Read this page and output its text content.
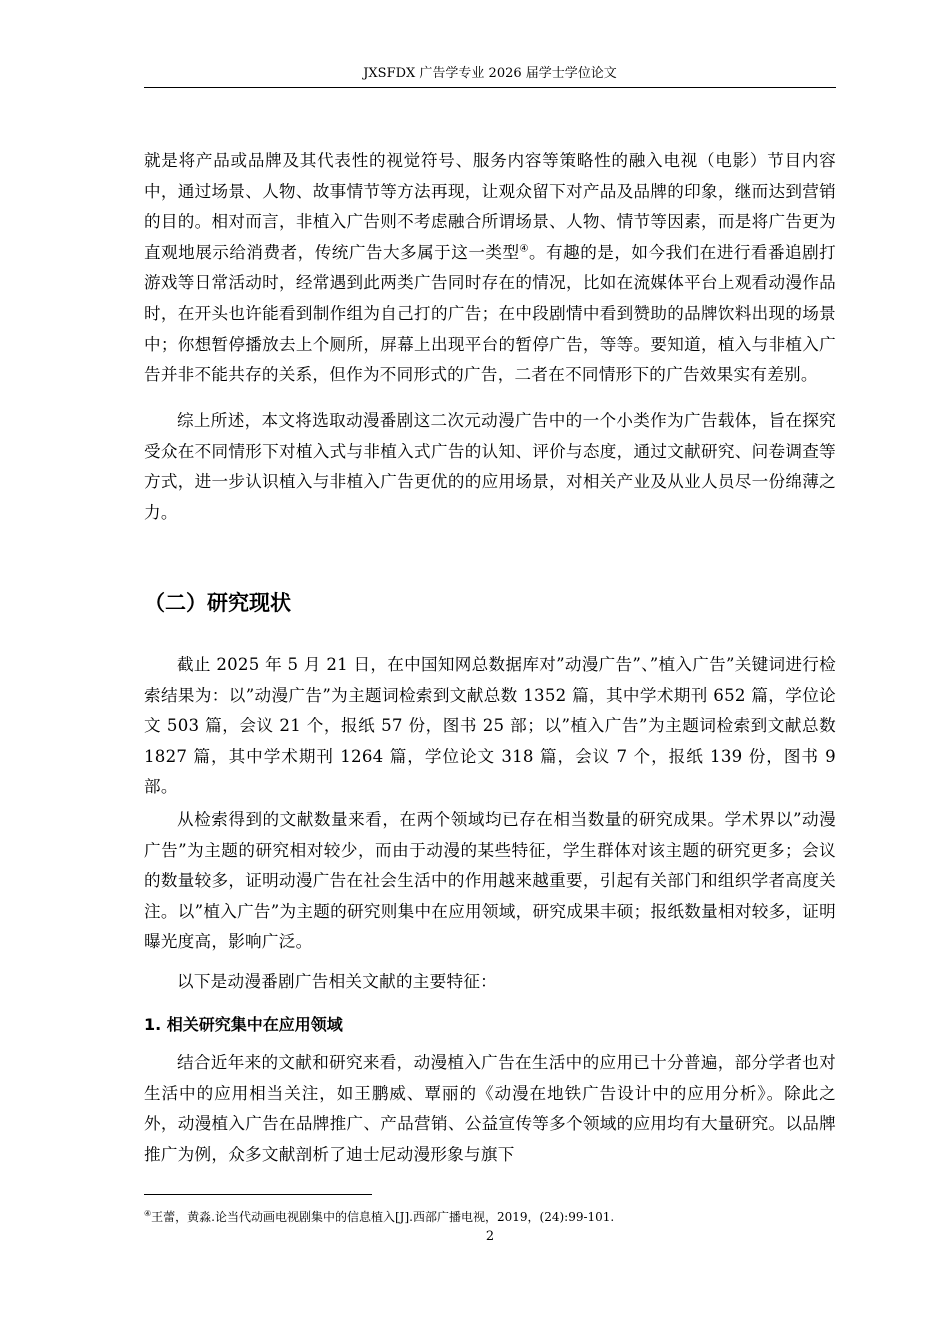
JXSFDX 广告学专业 2026 届学士学位论文

就是将产品或品牌及其代表性的视觉符号、服务内容等策略性的融入电视（电影）节目内容中，通过场景、人物、故事情节等方法再现，让观众留下对产品及品牌的印象，继而达到营销的目的。相对而言，非植入广告则不考虑融合所谓场景、人物、情节等因素，而是将广告更为直观地展示给消费者，传统广告大多属于这一类型④。有趣的是，如今我们在进行看番追剧打游戏等日常活动时，经常遇到此两类广告同时存在的情况，比如在流媒体平台上观看动漫作品时，在开头也许能看到制作组为自己打的广告；在中段剧情中看到赞助的品牌饮料出现的场景中；你想暂停播放去上个厕所，屏幕上出现平台的暂停广告，等等。要知道，植入与非植入广告并非不能共存的关系，但作为不同形式的广告，二者在不同情形下的广告效果实有差别。

综上所述，本文将选取动漫番剧这二次元动漫广告中的一个小类作为广告载体，旨在探究受众在不同情形下对植入式与非植入式广告的认知、评价与态度，通过文献研究、问卷调查等方式，进一步认识植入与非植入广告更优的的应用场景，对相关产业及从业人员尽一份绵薄之力。

（二）研究现状

截止 2025 年 5 月 21 日，在中国知网总数据库对”动漫广告”、”植入广告”关键词进行检索结果为：以”动漫广告”为主题词检索到文献总数 1352 篇，其中学术期刊 652 篇，学位论文 503 篇，会议 21 个，报纸 57 份，图书 25 部；以”植入广告”为主题词检索到文献总数 1827 篇，其中学术期刊 1264 篇，学位论文 318 篇，会议 7 个，报纸 139 份，图书 9 部。

从检索得到的文献数量来看，在两个领域均已存在相当数量的研究成果。学术界以”动漫广告”为主题的研究相对较少，而由于动漫的某些特征，学生群体对该主题的研究更多；会议的数量较多，证明动漫广告在社会生活中的作用越来越重要，引起有关部门和组织学者高度关注。以”植入广告”为主题的研究则集中在应用领域，研究成果丰硕；报纸数量相对较多，证明曝光度高，影响广泛。

以下是动漫番剧广告相关文献的主要特征：

1. 相关研究集中在应用领域

结合近年来的文献和研究来看，动漫植入广告在生活中的应用已十分普遍，部分学者也对生活中的应用相当关注，如王鹏威、覃丽的《动漫在地铁广告设计中的应用分析》。除此之外，动漫植入广告在品牌推广、产品营销、公益宣传等多个领域的应用均有大量研究。以品牌推广为例，众多文献剖析了迪士尼动漫形象与旗下

④王蕾，黄淼.论当代动画电视剧集中的信息植入[J].西部广播电视，2019，(24):99-101.
2
